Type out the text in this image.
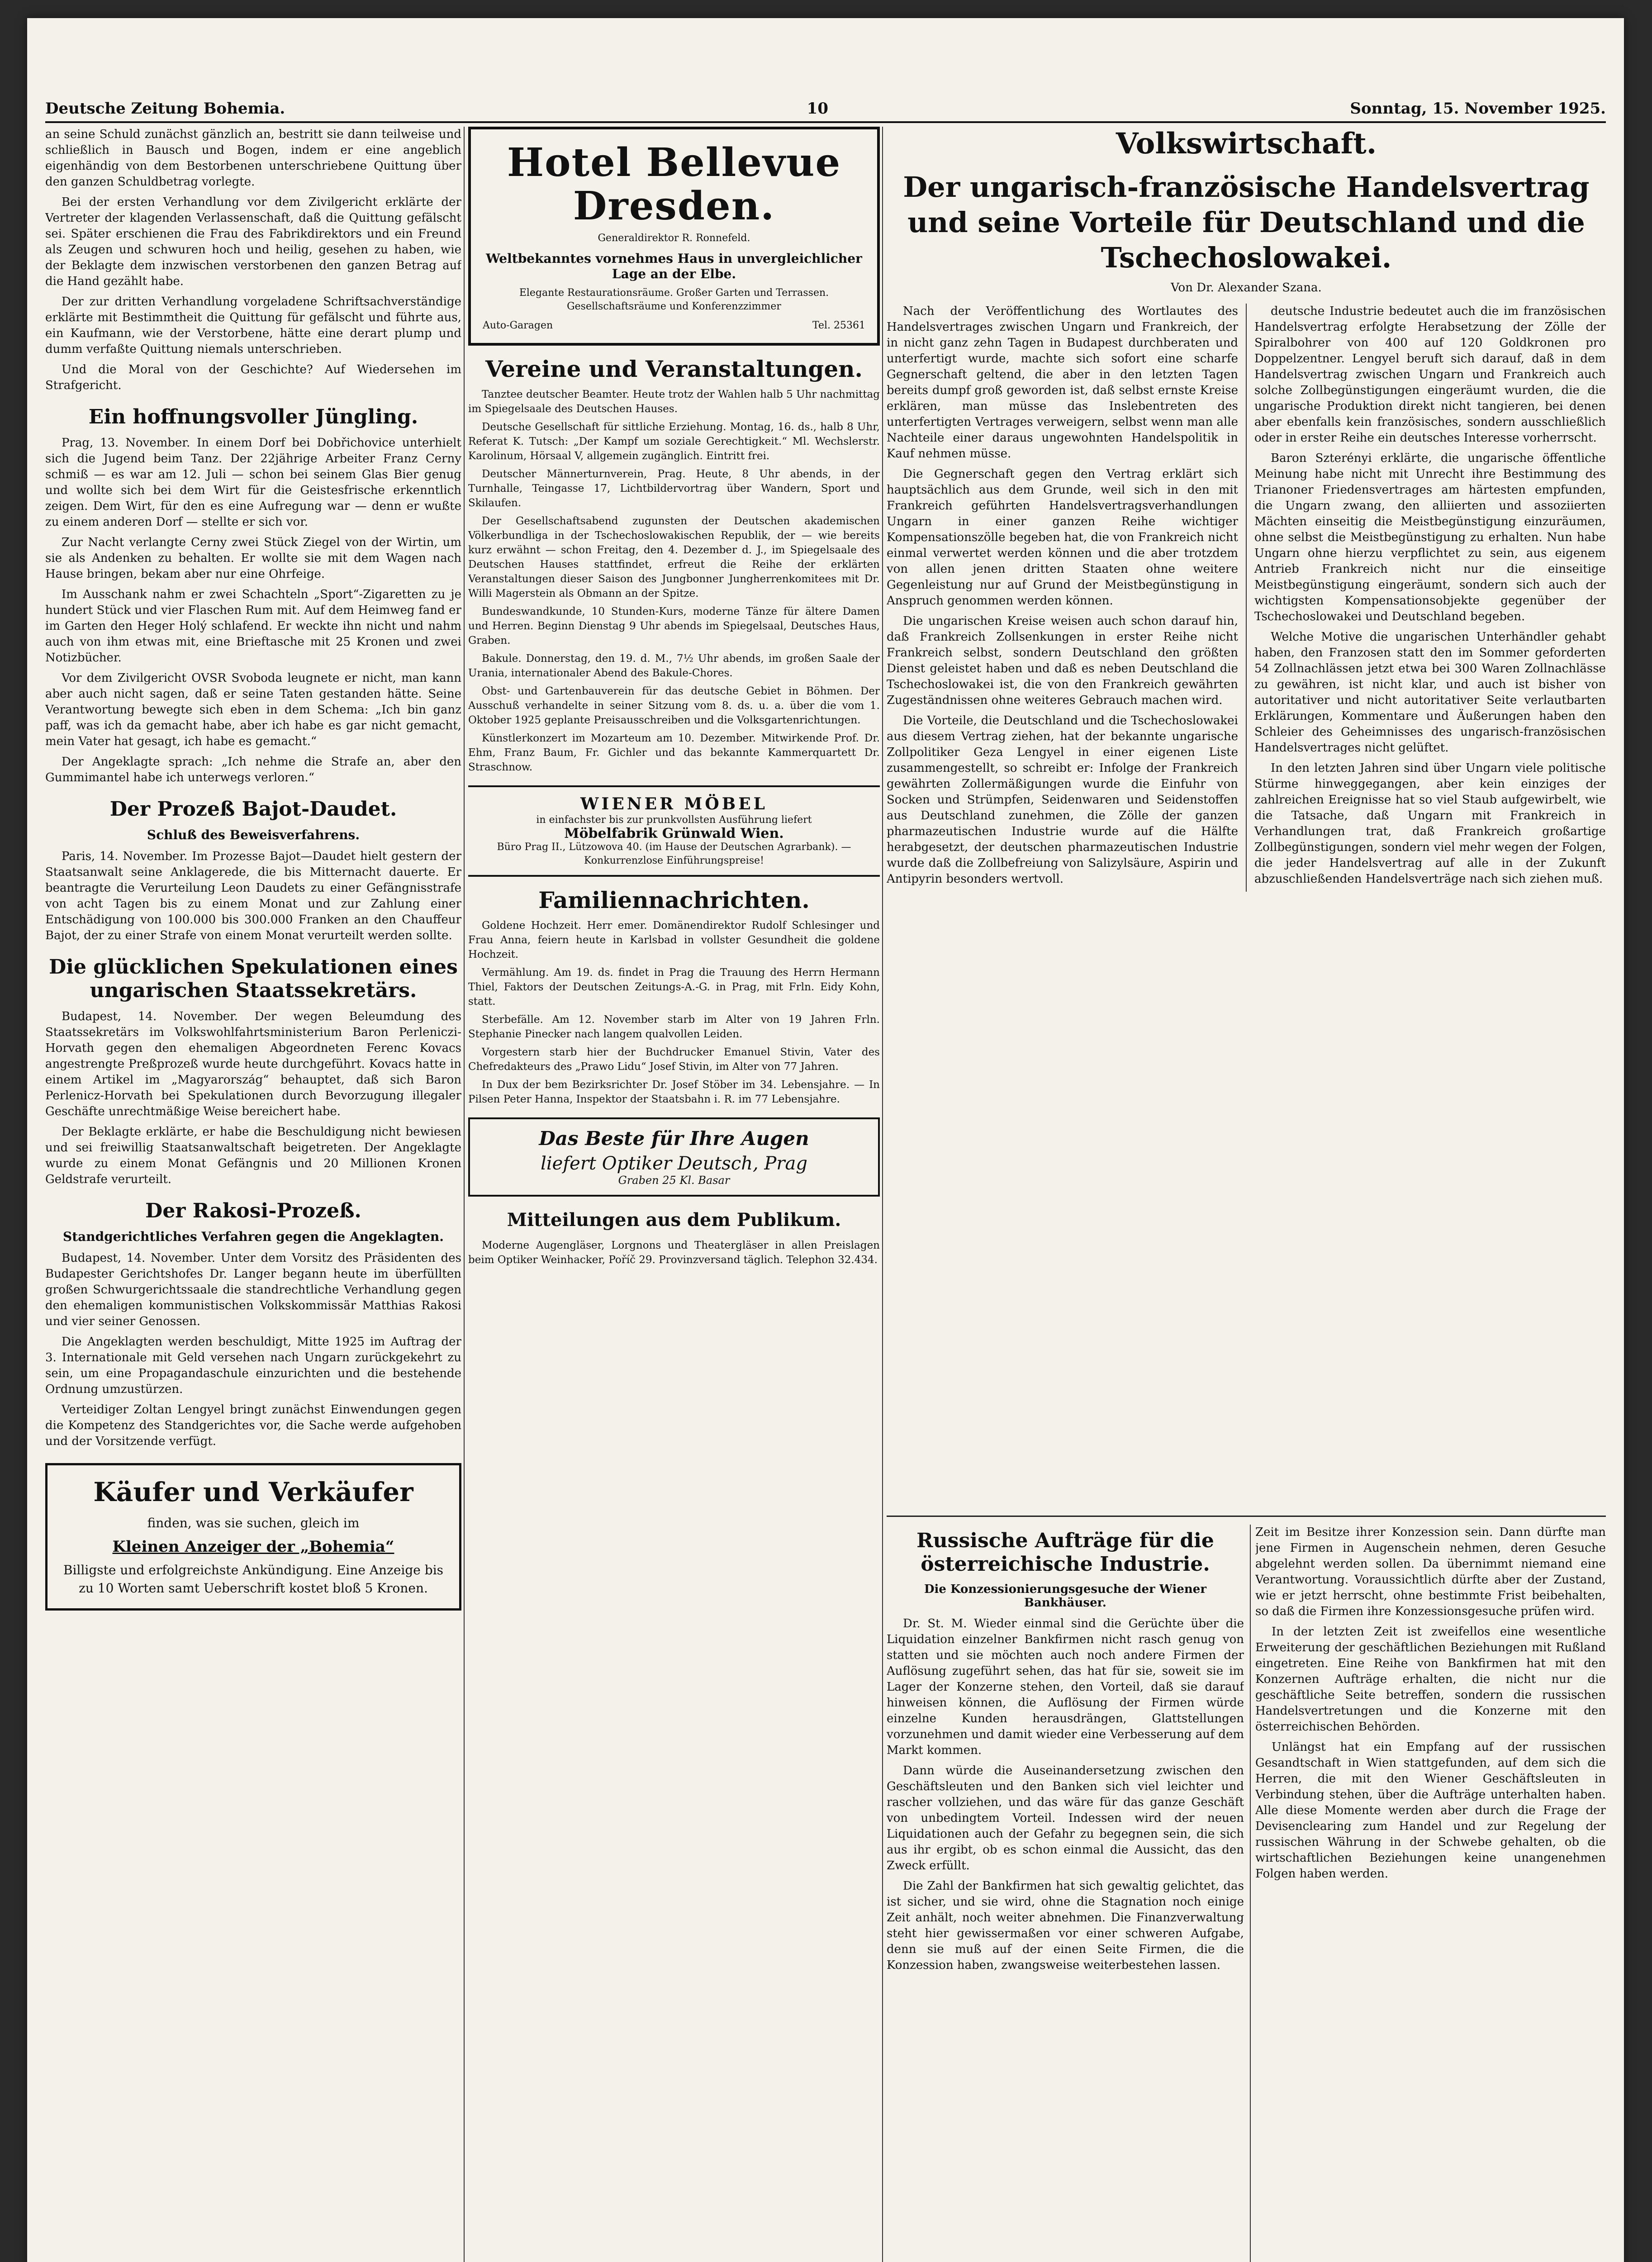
Deutsche Zeitung Bohemia.	10	Sonntag, 15. November 1925.

an seine Schuld zunächst gänzlich an, bestritt sie dann teilweise und schließlich in Bausch und Bogen, indem er eine angeblich eigenhändig von dem Bestorbenen unterschriebene Quittung über den ganzen Schuldbetrag vorlegte.

Bei der ersten Verhandlung vor dem Zivilgericht erklärte der Vertreter der klagenden Verlassenschaft, daß die Quittung gefälscht sei. Später erschienen die Frau des Fabrikdirektors und ein Freund als Zeugen und schwuren hoch und heilig, gesehen zu haben, wie der Beklagte dem inzwischen verstorbenen den ganzen Betrag auf die Hand gezählt habe.

Der zur dritten Verhandlung vorgeladene Schriftsachverständige erklärte mit Bestimmtheit die Quittung für gefälscht und führte aus, ein Kaufmann, wie der Verstorbene, hätte eine derart plump und dumm verfaßte Quittung niemals unterschrieben.

Und die Moral von der Geschichte? Auf Wiedersehen im Strafgericht.

Ein hoffnungsvoller Jüngling.

Prag, 13. November. In einem Dorf bei Dobřichovice unterhielt sich die Jugend beim Tanz. Der 22jährige Arbeiter Franz Cerny schmiß — es war am 12. Juli — schon bei seinem Glas Bier genug und wollte sich bei dem Wirt für die Geistesfrische erkenntlich zeigen. Dem Wirt, für den es eine Aufregung war — denn er wußte zu einem anderen Dorf — stellte er sich vor.

Zur Nacht verlangte Cerny zwei Stück Ziegel von der Wirtin, um sie als Andenken zu behalten. Er wollte sie mit dem Wagen nach Hause bringen, bekam aber nur eine Ohrfeige.

Im Ausschank nahm er zwei Schachteln „Sport“-Zigaretten zu je hundert Stück und vier Flaschen Rum mit. Auf dem Heimweg fand er im Garten den Heger Holý schlafend. Er weckte ihn nicht und nahm auch von ihm etwas mit, eine Brieftasche mit 25 Kronen und zwei Notizbücher.

Vor dem Zivilgericht OVSR Svoboda leugnete er nicht, man kann aber auch nicht sagen, daß er seine Taten gestanden hätte. Seine Verantwortung bewegte sich eben in dem Schema: „Ich bin ganz paff, was ich da gemacht habe, aber ich habe es gar nicht gemacht, mein Vater hat gesagt, ich habe es gemacht.“

Der Angeklagte sprach: „Ich nehme die Strafe an, aber den Gummimantel habe ich unterwegs verloren.“

Der Prozeß Bajot-Daudet.
Schluß des Beweisverfahrens.

Paris, 14. November. Im Prozesse Bajot—Daudet hielt gestern der Staatsanwalt seine Anklagerede, die bis Mitternacht dauerte. Er beantragte die Verurteilung Leon Daudets zu einer Gefängnisstrafe von acht Tagen bis zu einem Monat und zur Zahlung einer Entschädigung von 100.000 bis 300.000 Franken an den Chauffeur Bajot, der zu einer Strafe von einem Monat verurteilt werden sollte.

Die glücklichen Spekulationen eines ungarischen Staatssekretärs.

Budapest, 14. November. Der wegen Beleumdung des Staatssekretärs im Volkswohlfahrtsministerium Baron Perleniczi-Horvath gegen den ehemaligen Abgeordneten Ferenc Kovacs angestrengte Preßprozeß wurde heute durchgeführt. Kovacs hatte in einem Artikel im „Magyarország“ behauptet, daß sich Baron Perlenicz-Horvath bei Spekulationen durch Bevorzugung illegaler Geschäfte unrechtmäßige Weise bereichert habe.

Der Beklagte erklärte, er habe die Beschuldigung nicht bewiesen und sei freiwillig Staatsanwaltschaft beigetreten. Der Angeklagte wurde zu einem Monat Gefängnis und 20 Millionen Kronen Geldstrafe verurteilt.

Der Rakosi-Prozeß.
Standgerichtliches Verfahren gegen die Angeklagten.

Budapest, 14. November. Unter dem Vorsitz des Präsidenten des Budapester Gerichtshofes Dr. Langer begann heute im überfüllten großen Schwurgerichtssaale die standrechtliche Verhandlung gegen den ehemaligen kommunistischen Volkskommissär Matthias Rakosi und vier seiner Genossen.

Die Angeklagten werden beschuldigt, Mitte 1925 im Auftrag der 3. Internationale mit Geld versehen nach Ungarn zurückgekehrt zu sein, um eine Propagandaschule einzurichten und die bestehende Ordnung umzustürzen.

Verteidiger Zoltan Lengyel bringt zunächst Einwendungen gegen die Kompetenz des Standgerichtes vor, die Sache werde aufgehoben und der Vorsitzende verfügt.

Käufer und Verkäufer
finden, was sie suchen, gleich im
Kleinen Anzeiger der „Bohemia“
Billigste und erfolgreichste Ankündigung. Eine Anzeige bis zu 10 Worten samt Ueberschrift kostet bloß 5 Kronen.
Hotel Bellevue
Dresden.
Generaldirektor R. Ronnefeld.
Weltbekanntes vornehmes Haus in unvergleichlicher Lage an der Elbe.
Elegante Restaurationsräume. Großer Garten und Terrassen. Gesellschaftsräume und Konferenzzimmer
Auto-Garagen	Tel. 25361
Vereine und Veranstaltungen.

Tanztee deutscher Beamter. Heute trotz der Wahlen halb 5 Uhr nachmittag im Spiegelsaale des Deutschen Hauses.

Deutsche Gesellschaft für sittliche Erziehung. Montag, 16. ds., halb 8 Uhr, Referat K. Tutsch: „Der Kampf um soziale Gerechtigkeit.“ Ml. Wechslerstr. Karolinum, Hörsaal V, allgemein zugänglich. Eintritt frei.

Deutscher Männerturnverein, Prag. Heute, 8 Uhr abends, in der Turnhalle, Teingasse 17, Lichtbildervortrag über Wandern, Sport und Skilaufen.

Der Gesellschaftsabend zugunsten der Deutschen akademischen Völkerbundliga in der Tschechoslowakischen Republik, der — wie bereits kurz erwähnt — schon Freitag, den 4. Dezember d. J., im Spiegelsaale des Deutschen Hauses stattfindet, erfreut die Reihe der erklärten Veranstaltungen dieser Saison des Jungbonner Jungherrenkomitees mit Dr. Willi Magerstein als Obmann an der Spitze.

Bundeswandkunde, 10 Stunden-Kurs, moderne Tänze für ältere Damen und Herren. Beginn Dienstag 9 Uhr abends im Spiegelsaal, Deutsches Haus, Graben.

Bakule. Donnerstag, den 19. d. M., 7½ Uhr abends, im großen Saale der Urania, internationaler Abend des Bakule-Chores.

Obst- und Gartenbauverein für das deutsche Gebiet in Böhmen. Der Ausschuß verhandelte in seiner Sitzung vom 8. ds. u. a. über die vom 1. Oktober 1925 geplante Preisausschreiben und die Volksgartenrichtungen.

Künstlerkonzert im Mozarteum am 10. Dezember. Mitwirkende Prof. Dr. Ehm, Franz Baum, Fr. Gichler und das bekannte Kammerquartett Dr. Straschnow.

WIENER MÖBEL
in einfachster bis zur prunkvollsten Ausführung liefert
Möbelfabrik Grünwald Wien.
Büro Prag II., Lützowova 40. (im Hause der Deutschen Agrarbank). — Konkurrenzlose Einführungspreise!
Familiennachrichten.

Goldene Hochzeit. Herr emer. Domänendirektor Rudolf Schlesinger und Frau Anna, feiern heute in Karlsbad in vollster Gesundheit die goldene Hochzeit.

Vermählung. Am 19. ds. findet in Prag die Trauung des Herrn Hermann Thiel, Faktors der Deutschen Zeitungs-A.-G. in Prag, mit Frln. Eidy Kohn, statt.

Sterbefälle. Am 12. November starb im Alter von 19 Jahren Frln. Stephanie Pinecker nach langem qualvollen Leiden.

Vorgestern starb hier der Buchdrucker Emanuel Stivin, Vater des Chefredakteurs des „Prawo Lidu“ Josef Stivin, im Alter von 77 Jahren.

In Dux der bem Bezirksrichter Dr. Josef Stöber im 34. Lebensjahre. — In Pilsen Peter Hanna, Inspektor der Staatsbahn i. R. im 77 Lebensjahre.

Das Beste für Ihre Augen
liefert Optiker Deutsch, Prag
Graben 25 Kl. Basar
Mitteilungen aus dem Publikum.

Moderne Augengläser, Lorgnons und Theatergläser in allen Preislagen beim Optiker Weinhacker, Poříč 29. Provinzversand täglich. Telephon 32.434.

Volkswirtschaft.
Der ungarisch-französische Handelsvertrag und seine Vorteile für Deutschland und die Tschechoslowakei.
Von Dr. Alexander Szana.

Nach der Veröffentlichung des Wortlautes des Handelsvertrages zwischen Ungarn und Frankreich, der in nicht ganz zehn Tagen in Budapest durchberaten und unterfertigt wurde, machte sich sofort eine scharfe Gegnerschaft geltend, die aber in den letzten Tagen bereits dumpf groß geworden ist, daß selbst ernste Kreise erklären, man müsse das Inslebentreten des unterfertigten Vertrages verweigern, selbst wenn man alle Nachteile einer daraus ungewohnten Handelspolitik in Kauf nehmen müsse.

Die Gegnerschaft gegen den Vertrag erklärt sich hauptsächlich aus dem Grunde, weil sich in den mit Frankreich geführten Handelsvertragsverhandlungen Ungarn in einer ganzen Reihe wichtiger Kompensationszölle begeben hat, die von Frankreich nicht einmal verwertet werden können und die aber trotzdem von allen jenen dritten Staaten ohne weitere Gegenleistung nur auf Grund der Meistbegünstigung in Anspruch genommen werden können.

Die ungarischen Kreise weisen auch schon darauf hin, daß Frankreich Zollsenkungen in erster Reihe nicht Frankreich selbst, sondern Deutschland den größten Dienst geleistet haben und daß es neben Deutschland die Tschechoslowakei ist, die von den Frankreich gewährten Zugeständnissen ohne weiteres Gebrauch machen wird.

Die Vorteile, die Deutschland und die Tschechoslowakei aus diesem Vertrag ziehen, hat der bekannte ungarische Zollpolitiker Geza Lengyel in einer eigenen Liste zusammengestellt, so schreibt er: Infolge der Frankreich gewährten Zollermäßigungen wurde die Einfuhr von Socken und Strümpfen, Seidenwaren und Seidenstoffen aus Deutschland zunehmen, die Zölle der ganzen pharmazeutischen Industrie wurde auf die Hälfte herabgesetzt, der deutschen pharmazeutischen Industrie wurde daß die Zollbefreiung von Salizylsäure, Aspirin und Antipyrin besonders wertvoll.

deutsche Industrie bedeutet auch die im französischen Handelsvertrag erfolgte Herabsetzung der Zölle der Spiralbohrer von 400 auf 120 Goldkronen pro Doppelzentner. Lengyel beruft sich darauf, daß in dem Handelsvertrag zwischen Ungarn und Frankreich auch solche Zollbegünstigungen eingeräumt wurden, die die ungarische Produktion direkt nicht tangieren, bei denen aber ebenfalls kein französisches, sondern ausschließlich oder in erster Reihe ein deutsches Interesse vorherrscht.

Baron Szterényi erklärte, die ungarische öffentliche Meinung habe nicht mit Unrecht ihre Bestimmung des Trianoner Friedensvertrages am härtesten empfunden, die Ungarn zwang, den alliierten und assoziierten Mächten einseitig die Meistbegünstigung einzuräumen, ohne selbst die Meistbegünstigung zu erhalten. Nun habe Ungarn ohne hierzu verpflichtet zu sein, aus eigenem Antrieb Frankreich nicht nur die einseitige Meistbegünstigung eingeräumt, sondern sich auch der wichtigsten Kompensationsobjekte gegenüber der Tschechoslowakei und Deutschland begeben.

Welche Motive die ungarischen Unterhändler gehabt haben, den Franzosen statt den im Sommer geforderten 54 Zollnachlässen jetzt etwa bei 300 Waren Zollnachlässe zu gewähren, ist nicht klar, und auch ist bisher von autoritativer und nicht autoritativer Seite verlautbarten Erklärungen, Kommentare und Äußerungen haben den Schleier des Geheimnisses des ungarisch-französischen Handelsvertrages nicht gelüftet.

In den letzten Jahren sind über Ungarn viele politische Stürme hinweggegangen, aber kein einziges der zahlreichen Ereignisse hat so viel Staub aufgewirbelt, wie die Tatsache, daß Ungarn mit Frankreich in Verhandlungen trat, daß Frankreich großartige Zollbegünstigungen, sondern viel mehr wegen der Folgen, die jeder Handelsvertrag auf alle in der Zukunft abzuschließenden Handelsverträge nach sich ziehen muß.

Russische Aufträge für die österreichische Industrie.
Die Konzessionierungsgesuche der Wiener Bankhäuser.

Dr. St. M. Wieder einmal sind die Gerüchte über die Liquidation einzelner Bankfirmen nicht rasch genug von statten und sie möchten auch noch andere Firmen der Auflösung zugeführt sehen, das hat für sie, soweit sie im Lager der Konzerne stehen, den Vorteil, daß sie darauf hinweisen können, die Auflösung der Firmen würde einzelne Kunden herausdrängen, Glattstellungen vorzunehmen und damit wieder eine Verbesserung auf dem Markt kommen.

Dann würde die Auseinandersetzung zwischen den Geschäftsleuten und den Banken sich viel leichter und rascher vollziehen, und das wäre für das ganze Geschäft von unbedingtem Vorteil. Indessen wird der neuen Liquidationen auch der Gefahr zu begegnen sein, die sich aus ihr ergibt, ob es schon einmal die Aussicht, das den Zweck erfüllt.

Die Zahl der Bankfirmen hat sich gewaltig gelichtet, das ist sicher, und sie wird, ohne die Stagnation noch einige Zeit anhält, noch weiter abnehmen. Die Finanzverwaltung steht hier gewissermaßen vor einer schweren Aufgabe, denn sie muß auf der einen Seite Firmen, die die Konzession haben, zwangsweise weiterbestehen lassen.

Zeit im Besitze ihrer Konzession sein. Dann dürfte man jene Firmen in Augenschein nehmen, deren Gesuche abgelehnt werden sollen. Da übernimmt niemand eine Verantwortung. Voraussichtlich dürfte aber der Zustand, wie er jetzt herrscht, ohne bestimmte Frist beibehalten, so daß die Firmen ihre Konzessionsgesuche prüfen wird.

In der letzten Zeit ist zweifellos eine wesentliche Erweiterung der geschäftlichen Beziehungen mit Rußland eingetreten. Eine Reihe von Bankfirmen hat mit den Konzernen Aufträge erhalten, die nicht nur die geschäftliche Seite betreffen, sondern die russischen Handelsvertretungen und die Konzerne mit den österreichischen Behörden.

Unlängst hat ein Empfang auf der russischen Gesandtschaft in Wien stattgefunden, auf dem sich die Herren, die mit den Wiener Geschäftsleuten in Verbindung stehen, über die Aufträge unterhalten haben. Alle diese Momente werden aber durch die Frage der Devisenclearing zum Handel und zur Regelung der russischen Währung in der Schwebe gehalten, ob die wirtschaftlichen Beziehungen keine unangenehmen Folgen haben werden.
